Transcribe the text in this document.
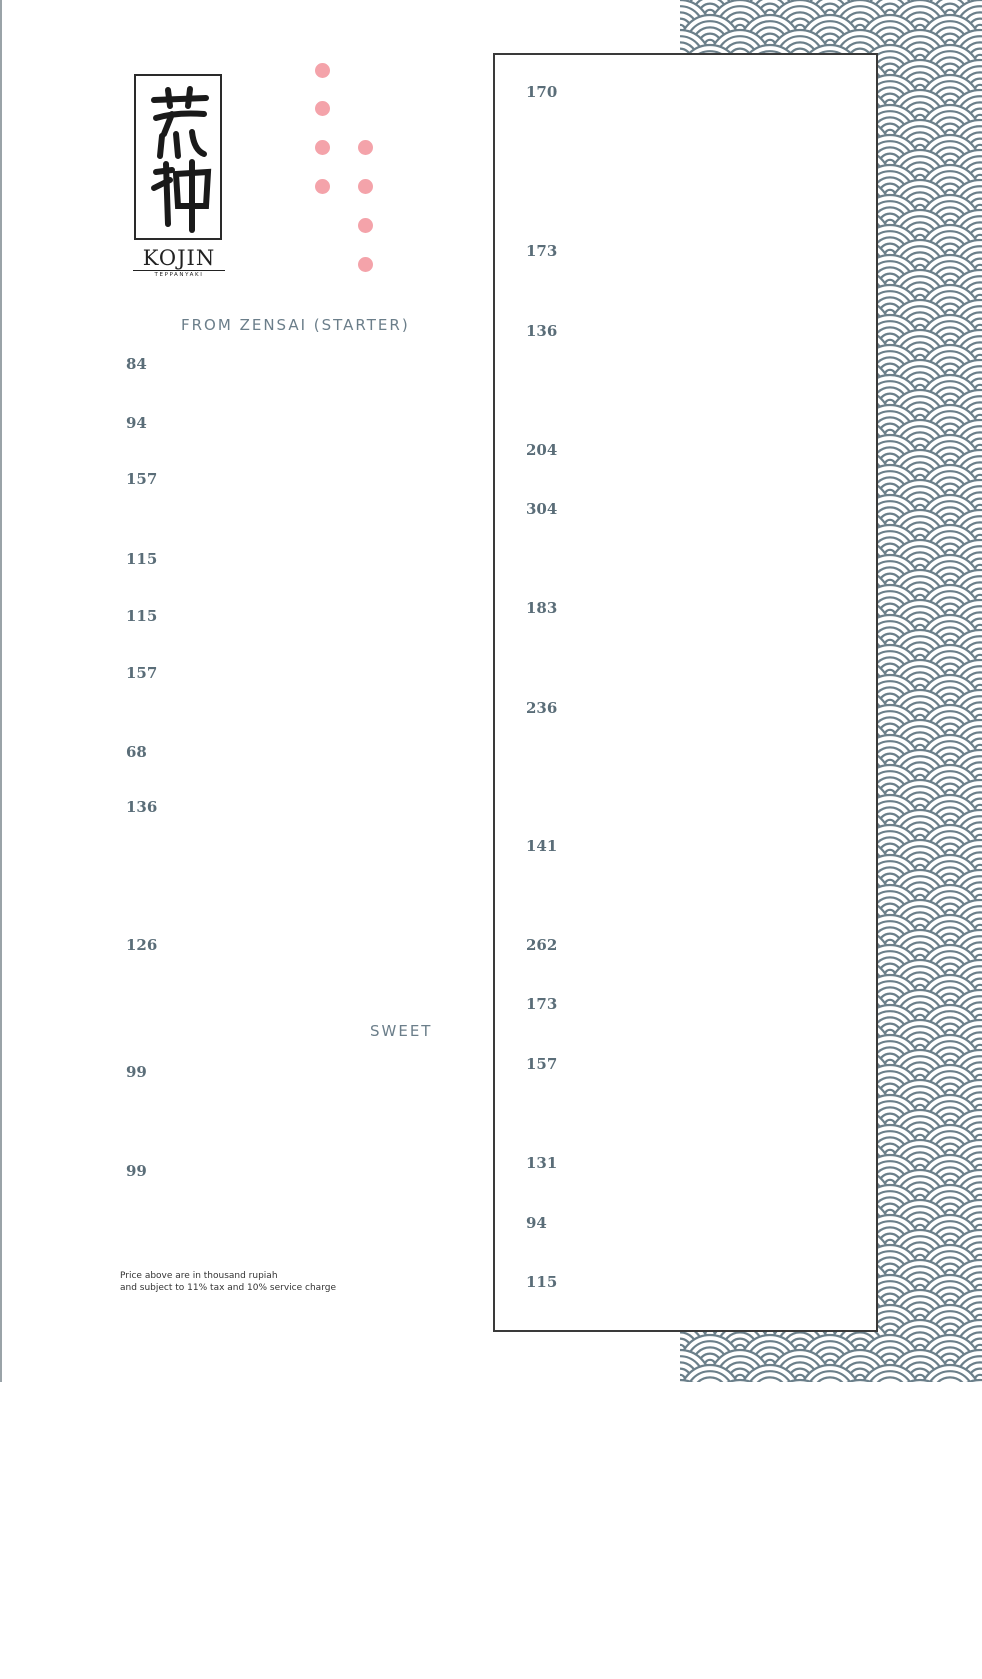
KOJIN
TEPPANYAKI
FROM ZENSAI (STARTER)
84
94
157
115
115
157
68
136
126
SWEET
99
99
Price above are in thousand rupiah
and subject to 11% tax and 10% service charge
170
173
136
204
304
183
236
141
262
173
157
131
94
115
